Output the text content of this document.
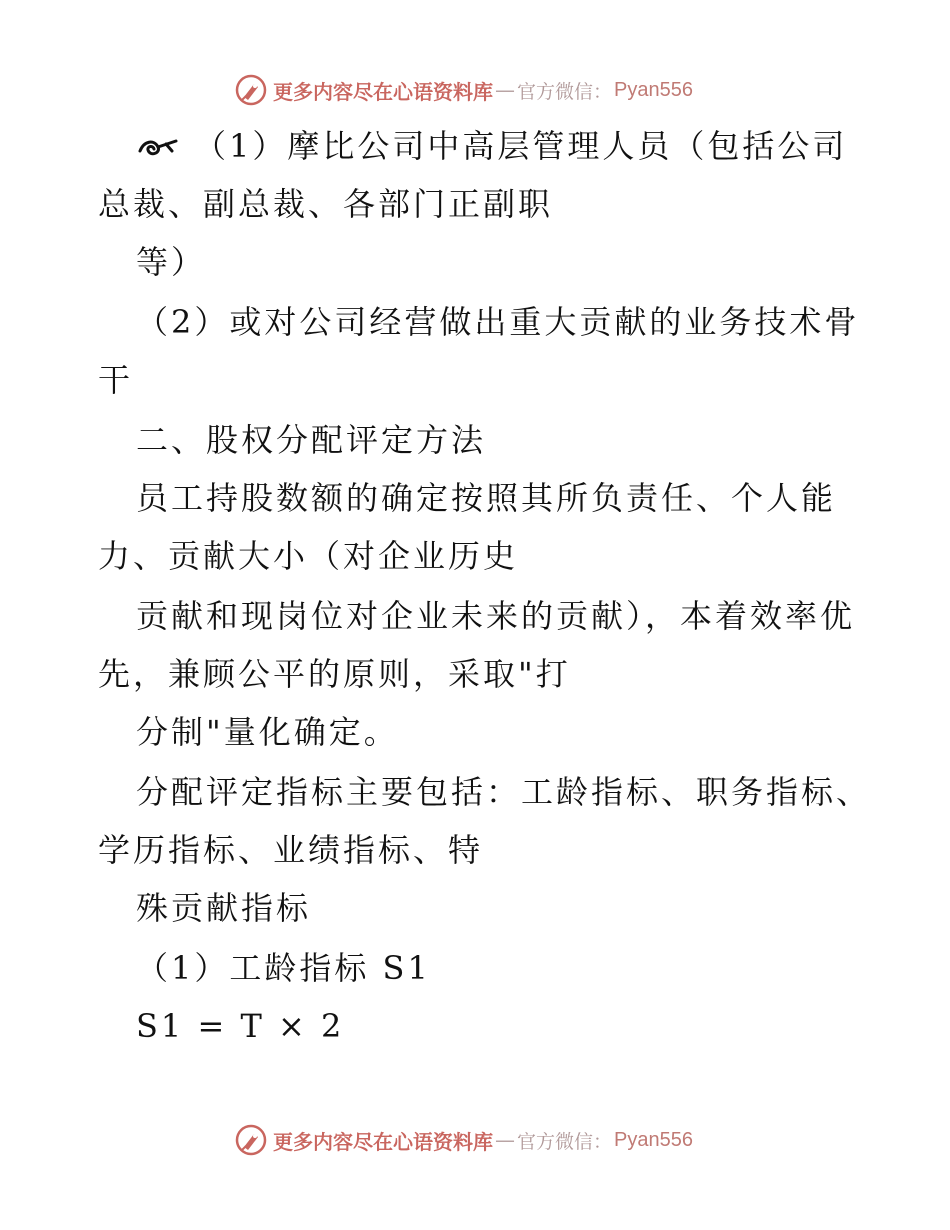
更多内容尽在心语资料库 — 官方微信： Pyan556
（1）摩比公司中高层管理人员（包括公司
总裁、副总裁、各部门正副职
等）
（2）或对公司经营做出重大贡献的业务技术骨
干
二、股权分配评定方法
员工持股数额的确定按照其所负责任、个人能
力、贡献大小（对企业历史
贡献和现岗位对企业未来的贡献），本着效率优
先，兼顾公平的原则，采取"打
分制"量化确定。
分配评定指标主要包括：工龄指标、职务指标、
学历指标、业绩指标、特
殊贡献指标
（1）工龄指标 S1
S1 = T × 2
更多内容尽在心语资料库 — 官方微信： Pyan556
